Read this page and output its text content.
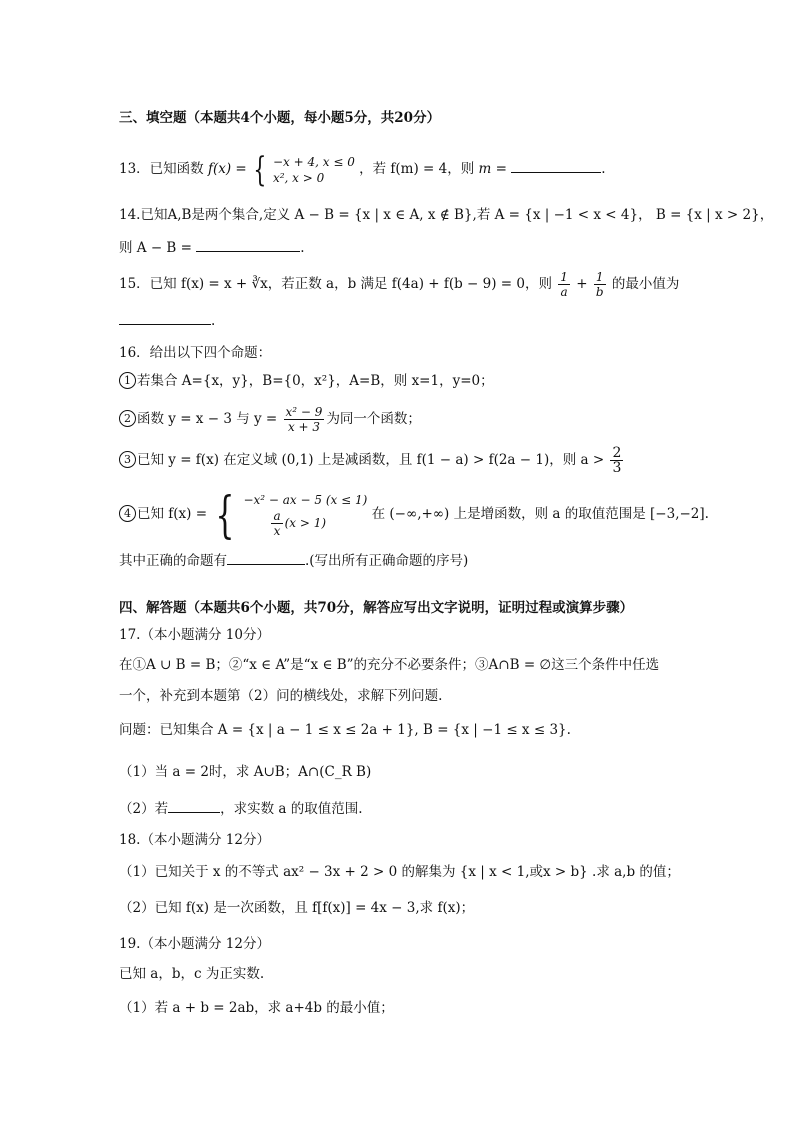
三、填空题（本题共4个小题，每小题5分，共20分）
13．已知函数 f(x) = { −x + 4, x ≤ 0
x², x > 0
，若 f(m) = 4，则 m =	.
14.已知A,B是两个集合,定义 A − B = {x | x ∈ A, x ∉ B},若 A = {x | −1 < x < 4}， B = {x | x > 2}，
则 A − B =	.
15．已知 f(x) = x + ∛x，若正数 a，b 满足 f(4a) + f(b − 9) = 0，则 $\frac{1}{a} + \frac{1}{b}$ 的最小值为
.
16．给出以下四个命题：
1 若集合 A={x，y}，B={0，x²}，A=B，则 x=1，y=0；
2 函数 y = x − 3 与 $y = \frac{\text{x² − 9}}{x + 3}$ 为同一个函数；
3 已知 y = f(x) 在定义域 (0,1) 上是减函数，且 f(1 − a) > f(2a − 1)，则 $a > \frac{2}{3}$
4 已知 f(x) = { −x² − ax − 5 (x ≤ 1)
$\frac{a}{x} (x > 1)$
在 (−∞,+∞) 上是增函数，则 a 的取值范围是 [−3,−2].
其中正确的命题有	.(写出所有正确命题的序号)
四、解答题（本题共6个小题，共70分，解答应写出文字说明，证明过程或演算步骤）
17.（本小题满分 10分）
在①A ∪ B = B；②“x ∈ A”是“x ∈ B”的充分不必要条件；③A∩B = ∅这三个条件中任选
一个，补充到本题第（2）问的横线处，求解下列问题.
问题：已知集合 A = {x | a − 1 ≤ x ≤ 2a + 1}, B = {x | −1 ≤ x ≤ 3}.
（1）当 a = 2时，求 A∪B；A∩(C_R B)
（2）若	，求实数 a 的取值范围.
18.（本小题满分 12分）
（1）已知关于 x 的不等式 ax² − 3x + 2 > 0 的解集为 {x | x < 1,或x > b} .求 a,b 的值；
（2）已知 f(x) 是一次函数，且 f[f(x)] = 4x − 3,求 f(x)；
19.（本小题满分 12分）
已知 a，b，c 为正实数.
（1）若 a + b = 2ab，求 a+4b 的最小值；
